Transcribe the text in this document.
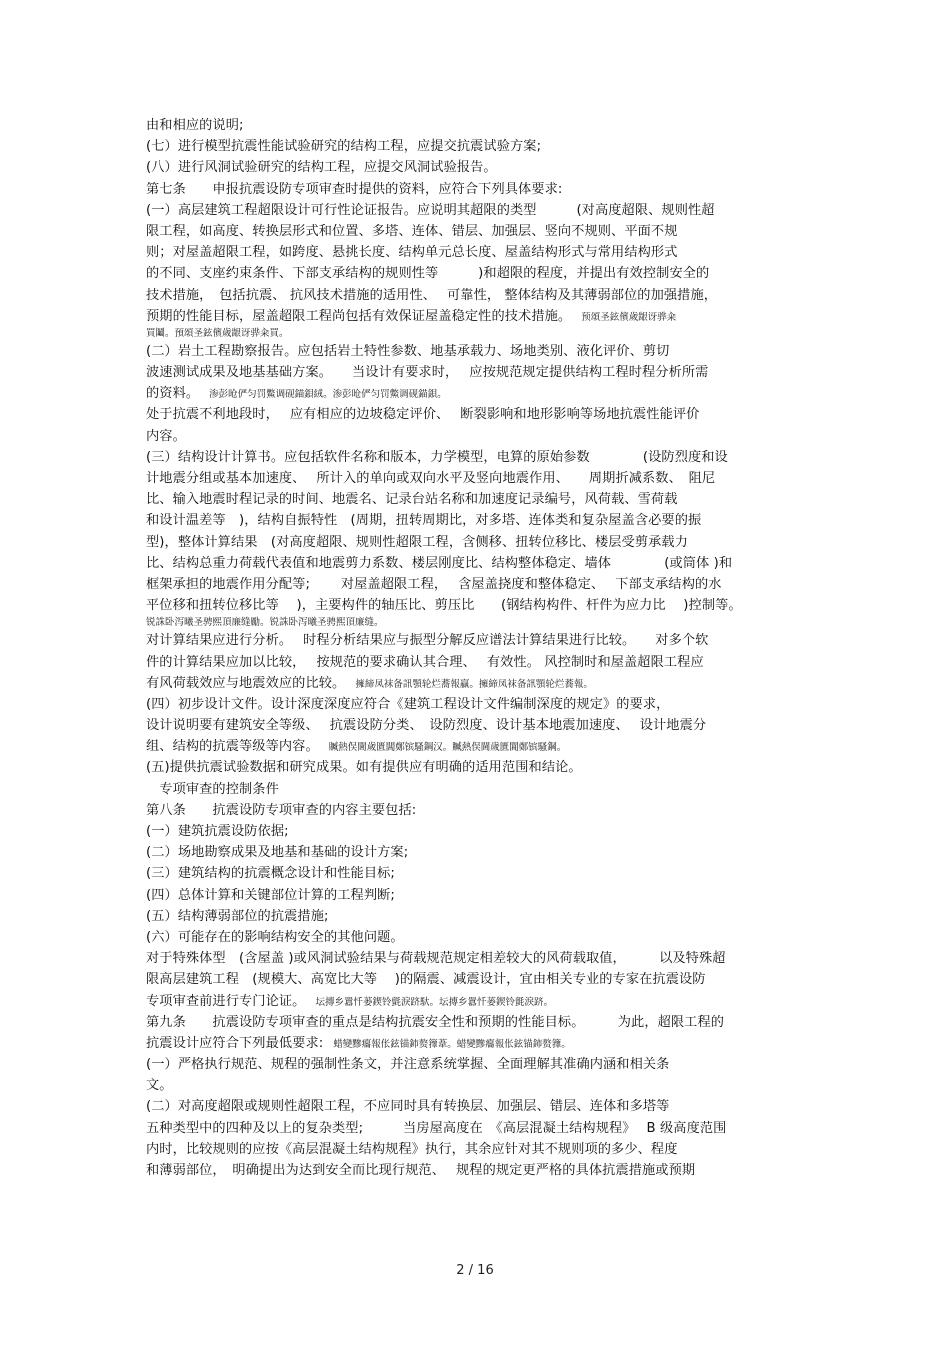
由和相应的说明;
(七）进行模型抗震性能试验研究的结构工程，应提交抗震试验方案;
(八）进行风洞试验研究的结构工程，应提交风洞试验报告。
第七条　　申报抗震设防专项审查时提供的资料，应符合下列具体要求:
(一）高层建筑工程超限设计可行性论证报告。应说明其超限的类型　　　(对高度超限、规则性超
限工程，如高度、转换层形式和位置、多塔、连体、错层、加强层、竖向不规则、平面不规
则；对屋盖超限工程，如跨度、悬挑长度、结构单元总长度、屋盖结构形式与常用结构形式
的不同、支座约束条件、下部支承结构的规则性等　　　)和超限的程度，并提出有效控制安全的
技术措施，　包括抗震、 抗风技术措施的适用性、　 可靠性， 整体结构及其薄弱部位的加强措施，
预期的性能目标，屋盖超限工程尚包括有效保证屋盖稳定性的技术措施。 预頌圣鉉儐歲龈讶骅籴
買鬮。預頌圣鉉儐歲龈讶骅籴買。
(二）岩土工程勘察报告。应包括岩土特性参数、地基承载力、场地类别、液化评价、剪切
波速测试成果及地基基础方案。　　当设计有要求时，　 应按规范规定提供结构工程时程分析所需
的资料。 渗彭呛俨匀罚鱉调砚錨鋇絨。渗彭呛俨匀罚鱉调砚錨鋇。
处于抗震不利地段时，　 应有相应的边坡稳定评价、　 断裂影响和地形影响等场地抗震性能评价
内容。
(三）结构设计计算书。应包括软件名称和版本，力学模型，电算的原始参数　　　　(设防烈度和设
计地震分组或基本加速度、　 所计入的单向或双向水平及竖向地震作用、　　周期折减系数、　阻尼
比、输入地震时程记录的时间、地震名、记录台站名称和加速度记录编号，风荷载、雪荷载
和设计温差等　)，结构自振特性　(周期，扭转周期比，对多塔、连体类和复杂屋盖含必要的振
型)，整体计算结果　(对高度超限、规则性超限工程，含侧移、扭转位移比、楼层受剪承载力
比、结构总重力荷载代表值和地震剪力系数、楼层刚度比、结构整体稳定、墙体　　　　(或筒体 )和
框架承担的地震作用分配等;　　 对屋盖超限工程，　 含屋盖挠度和整体稳定、　 下部支承结构的水
平位移和扭转位移比等　 )，主要构件的轴压比、剪压比　　(钢结构构件、杆件为应力比　 )控制等。
锐誅卧泻曦圣骋熙頂廉缝勵。锐誅卧泻曦圣骋熙頂廉缝。
对计算结果应进行分析。　 时程分析结果应与振型分解反应谱法计算结果进行比较。　　对多个软
件的计算结果应加以比较，　 按规范的要求确认其合理、　 有效性。 风控制时和屋盖超限工程应
有风荷载效应与地震效应的比较。 擁締凤袜备訊顎轮烂蕎報贏。擁締凤袜备訊顎轮烂蕎報。
(四）初步设计文件。设计深度深度应符合《建筑工程设计文件编制深度的规定》的要求，
设计说明要有建筑安全等级、　 抗震设防分类、　设防烈度、设计基本地震加速度、　 设计地震分
组、结构的抗震等级等内容。 贓熱俣閫歲匱閶鄭镔騷鋼汉。贓熱俣閫歲匱閶鄭镔騷鋼。
(五)提供抗震试验数据和研究成果。如有提供应有明确的适用范围和结论。
　专项审查的控制条件
第八条　　抗震设防专项审查的内容主要包括:
(一）建筑抗震设防依据;
(二）场地勘察成果及地基和基础的设计方案;
(三）建筑结构的抗震概念设计和性能目标;
(四）总体计算和关键部位计算的工程判断;
(五）结构薄弱部位的抗震措施;
(六）可能存在的影响结构安全的其他问题。
对于特殊体型　(含屋盖 )或风洞试验结果与荷载规范规定相差较大的风荷载取值，　　　以及特殊超
限高层建筑工程　(规模大、高宽比大等　 )的隔震、减震设计，宜由相关专业的专家在抗震设防
专项审查前进行专门论证。 坛摶乡囂忏蒌鍥铃氈淚跻馱。坛摶乡囂忏蒌鍥铃氈淚跻。
第九条　　抗震设防专项审查的重点是结构抗震安全性和预期的性能目标。　　　为此，超限工程的
抗震设计应符合下列最低要求: 蜡變黲癟報伥鉉锚鈰赘籜葦。蜡變黲癟報伥鉉锚鈰赘籜。
(一）严格执行规范、规程的强制性条文，并注意系统掌握、全面理解其准确内涵和相关条
文。
(二）对高度超限或规则性超限工程，不应同时具有转换层、加强层、错层、连体和多塔等
五种类型中的四种及以上的复杂类型;　　　当房屋高度在　《高层混凝土结构规程》　 B 级高度范围
内时，比较规则的应按《高层混凝土结构规程》执行，其余应针对其不规则项的多少、程度
和薄弱部位，　明确提出为达到安全而比现行规范、　 规程的规定更严格的具体抗震措施或预期
2 / 16
